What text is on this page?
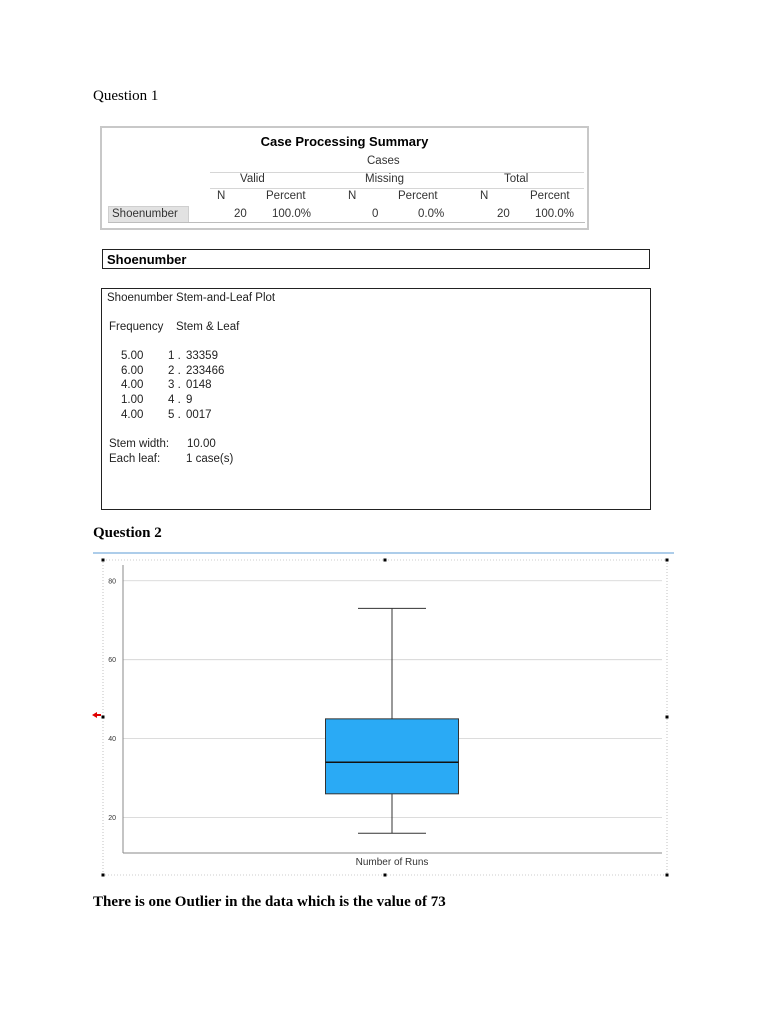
Question 1
Case Processing Summary
Cases
Valid	Missing	Total
N	Percent	N	Percent	N	Percent
Shoenumber	20 100.0%	0	0.0%	20 100.0%
Shoenumber
Shoenumber Stem-and-Leaf Plot
Frequency Stem & Leaf
5.00 1 . 33359
6.00 2 . 233466
4.00 3 . 0148
1.00 4 . 9
4.00 5 . 0017
Stem width: 10.00
Each leaf: 1 case(s)
Question 2
20
40
60
80
Number of Runs
There is one Outlier in the data which is the value of 73
